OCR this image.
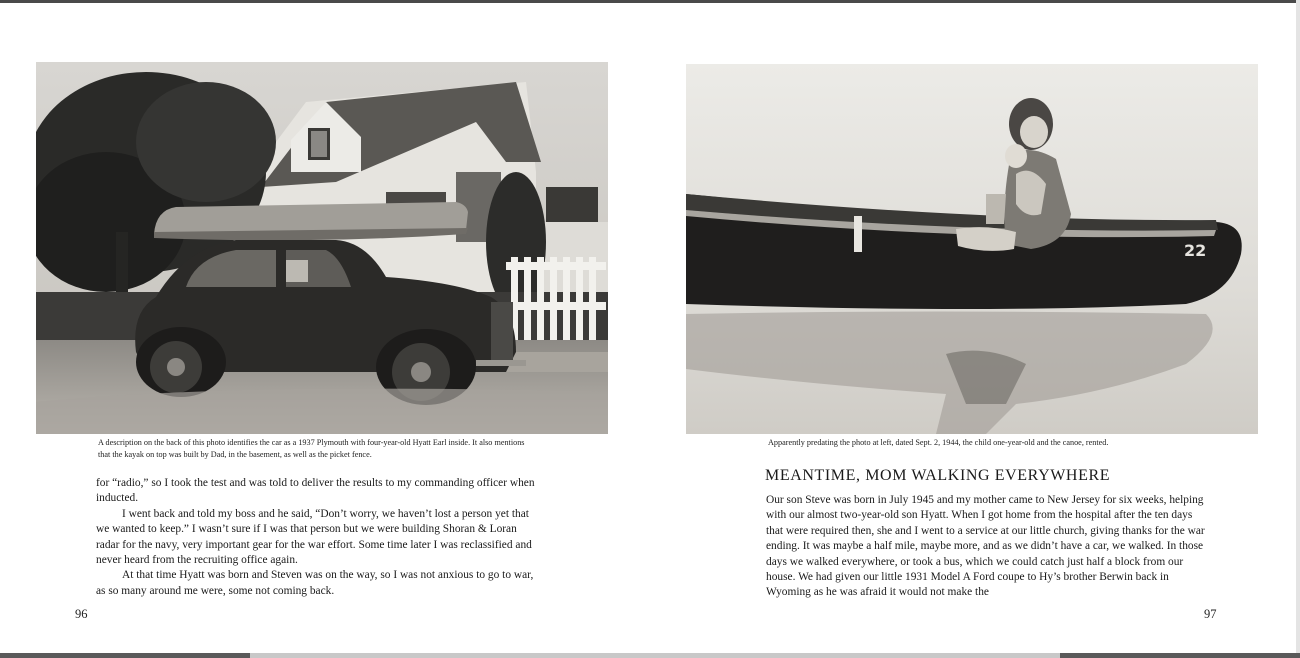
A description on the back of this photo identifies the car as a 1937 Plymouth with four-year-old Hyatt Earl inside. It also mentions that the kayak on top was built by Dad, in the basement, as well as the picket fence.

for “radio,” so I took the test and was told to deliver the results to my commanding officer when inducted.

I went back and told my boss and he said, “Don’t worry, we haven’t lost a person yet that we wanted to keep.” I wasn’t sure if I was that person but we were building Shoran & Loran radar for the navy, very important gear for the war effort. Some time later I was reclassified and never heard from the recruiting office again.

At that time Hyatt was born and Steven was on the way, so I was not anxious to go to war, as so many around me were, some not coming back.

96
22
Apparently predating the photo at left, dated Sept. 2, 1944, the child one-year-old and the canoe, rented.
MEANTIME, MOM WALKING EVERYWHERE

Our son Steve was born in July 1945 and my mother came to New Jersey for six weeks, helping with our almost two-year-old son Hyatt. When I got home from the hospital after the ten days that were required then, she and I went to a service at our little church, giving thanks for the war ending. It was maybe a half mile, maybe more, and as we didn’t have a car, we walked. In those days we walked everywhere, or took a bus, which we could catch just half a block from our house. We had given our little 1931 Model A Ford coupe to Hy’s brother Berwin back in Wyoming as he was afraid it would not make the

97
